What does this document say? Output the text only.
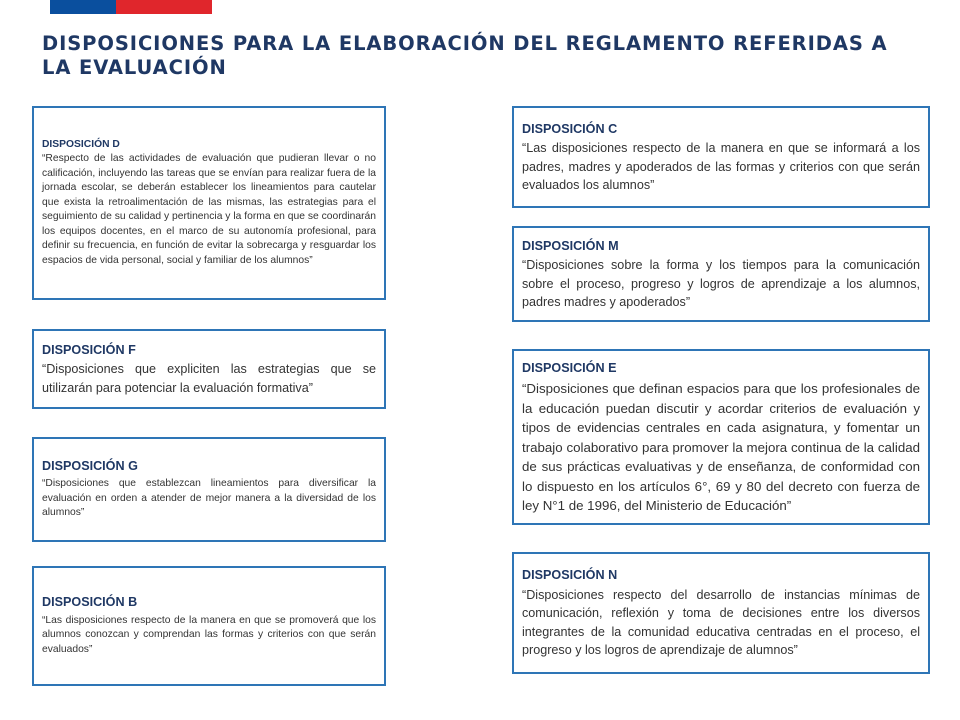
DISPOSICIONES PARA LA ELABORACIÓN DEL REGLAMENTO REFERIDAS A LA EVALUACIÓN
DISPOSICIÓN D
“Respecto de las actividades de evaluación que pudieran llevar o no calificación, incluyendo las tareas que se envían para realizar fuera de la jornada escolar, se deberán establecer los lineamientos para cautelar que exista la retroalimentación de las mismas, las estrategias para el seguimiento de su calidad y pertinencia y la forma en que se coordinarán los equipos docentes, en el marco de su autonomía profesional, para definir su frecuencia, en función de evitar la sobrecarga y resguardar los espacios de vida personal, social y familiar de los alumnos”
DISPOSICIÓN F
“Disposiciones que expliciten las estrategias que se utilizarán para potenciar la evaluación formativa”
DISPOSICIÓN G
“Disposiciones que establezcan lineamientos para diversificar la evaluación en orden a atender de mejor manera a la diversidad de los alumnos”
DISPOSICIÓN B
“Las disposiciones respecto de la manera en que se promoverá que los alumnos conozcan y comprendan las formas y criterios con que serán evaluados”
DISPOSICIÓN C
“Las disposiciones respecto de la manera en que se informará a los padres, madres y apoderados de las formas y criterios con que serán evaluados los alumnos”
DISPOSICIÓN M
“Disposiciones sobre la forma y los tiempos para la comunicación sobre el proceso, progreso y logros de aprendizaje a los alumnos, padres madres y apoderados”
DISPOSICIÓN E
“Disposiciones que definan espacios para que los profesionales de la educación puedan discutir y acordar criterios de evaluación y tipos de evidencias centrales en cada asignatura, y fomentar un trabajo colaborativo para promover la mejora continua de la calidad de sus prácticas evaluativas y de enseñanza, de conformidad con lo dispuesto en los artículos 6°, 69 y 80 del decreto con fuerza de ley N°1 de 1996, del Ministerio de Educación”
DISPOSICIÓN N
“Disposiciones respecto del desarrollo de instancias mínimas de comunicación, reflexión y toma de decisiones entre los diversos integrantes de la comunidad educativa centradas en el proceso, el progreso y los logros de aprendizaje de alumnos”
